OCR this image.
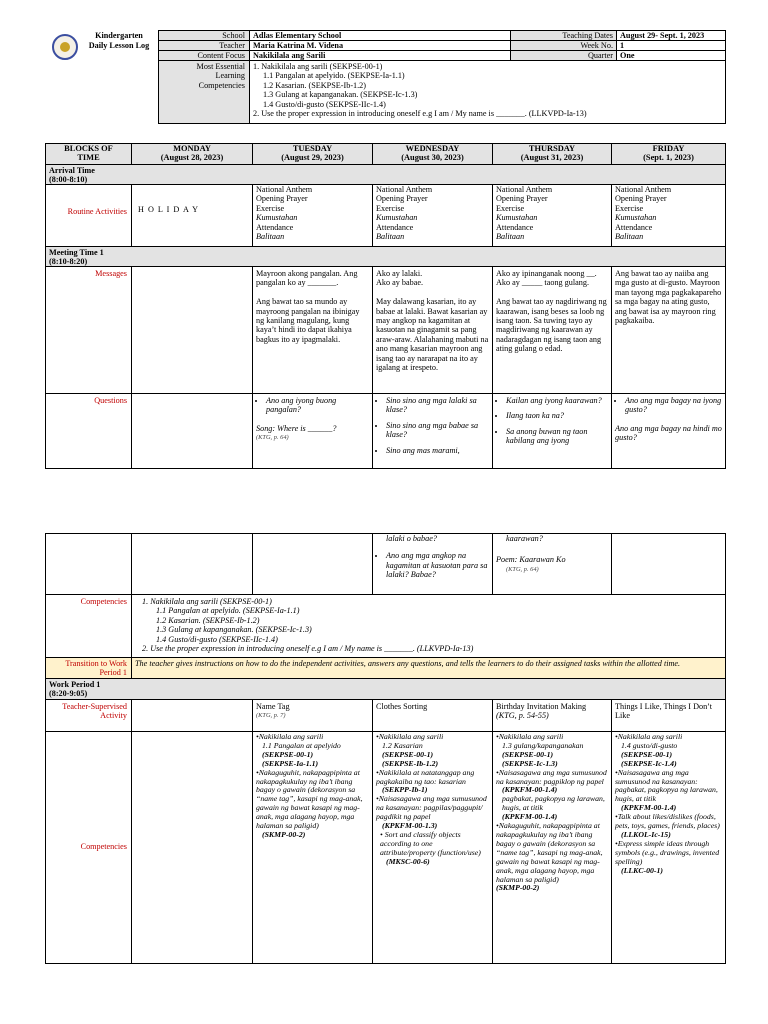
Kindergarten
Daily Lesson Log
School Adlas Elementary School	Teaching Dates August 29- Sept. 1, 2023
Teacher Maria Katrina M. Videna	Week No. 1
Content Focus Nakikilala ang Sarili	Quarter One
Most Essential Learning Competencies
1. Nakikilala ang sarili (SEKPSE-00-1)
1.1 Pangalan at apelyido. (SEKPSE-Ia-1.1)
1.2 Kasarian. (SEKPSE-Ib-1.2)
1.3 Gulang at kapanganakan. (SEKPSE-Ic-1.3)
1.4 Gusto/di-gusto (SEKPSE-IIc-1.4)
2. Use the proper expression in introducing oneself e.g I am / My name is _______. (LLKVPD-Ia-13)
BLOCKS OF
TIME
MONDAY
(August 28, 2023)
TUESDAY
(August 29, 2023)
WEDNESDAY
(August 30, 2023)
THURSDAY
(August 31, 2023)
FRIDAY
(Sept. 1, 2023)
Arrival Time
(8:00-8:10)
Routine Activities	H O L I D A Y
National Anthem
Opening Prayer
Exercise
Kumustahan
Attendance
Balitaan
National Anthem
Opening Prayer
Exercise
Kumustahan
Attendance
Balitaan
National Anthem
Opening Prayer
Exercise
Kumustahan
Attendance
Balitaan
National Anthem
Opening Prayer
Exercise
Kumustahan
Attendance
Balitaan
Meeting Time 1
(8:10-8:20)
Messages	Mayroon akong pangalan. Ang pangalan ko ay _______.

Ang bawat tao sa mundo ay mayroong pangalan na ibinigay ng kanilang magulang, kung kaya’t hindi ito dapat ikahiya bagkus ito ay ipagmalaki.
Ako ay lalaki.
Ako ay babae.

May dalawang kasarian, ito ay babae at lalaki. Bawat kasarian ay may angkop na kagamitan at kasuotan na ginagamit sa pang araw-araw. Alalahaning mabuti na ano mang kasarian mayroon ang isang tao ay nararapat na ito ay igalang at irespeto.
Ako ay ipinanganak noong __.
Ako ay _____ taong gulang.

Ang bawat tao ay nagdiriwang ng kaarawan, isang beses sa loob ng isang taon. Sa tuwing tayo ay magdiriwang ng kaarawan ay nadaragdagan ng isang taon ang ating gulang o edad.
Ang bawat tao ay naiiba ang mga gusto at di-gusto. Mayroon man tayong mga pagkakapareho sa mga bagay na ating gusto, ang bawat isa ay mayroon ring pagkakaiba.
Questions
•	Ano ang iyong buong pangalan?
Song: Where is ______?
(KTG, p. 64)
• Sino sino ang mga lalaki sa klase?
• Sino sino ang mga babae sa klase?
• Sino ang mas marami,
• Kailan ang iyong kaarawan?
• Ilang taon ka na?
• Sa anong buwan ng taon kabilang ang iyong
• Ano ang mga bagay na iyong gusto?
Ano ang mga bagay na hindi mo gusto?
lalaki o babae?
• Ano ang mga angkop na kagamitan at kasuotan para sa lalaki? Babae?
kaarawan?
Poem: Kaarawan Ko
(KTG, p. 64)
Competencies	1. Nakikilala ang sarili (SEKPSE-00-1)
1.1 Pangalan at apelyido. (SEKPSE-Ia-1.1)
1.2 Kasarian. (SEKPSE-Ib-1.2)
1.3 Gulang at kapanganakan. (SEKPSE-Ic-1.3)
1.4 Gusto/di-gusto (SEKPSE-IIc-1.4)
2. Use the proper expression in introducing oneself e.g I am / My name is _______. (LLKVPD-Ia-13)
Transition to Work Period 1
The teacher gives instructions on how to do the independent activities, answers any questions, and tells the learners to do their assigned tasks within the allotted time.
Work Period 1
(8:20-9:05)
Teacher-Supervised Activity
Name Tag
(KTG, p. 7)
Clothes Sorting	Birthday Invitation Making
(KTG, p. 54-55)
Things I Like, Things I Don’t Like
Competencies
•Nakikilala ang sarili
1.1 Pangalan at apelyido
(SEKPSE-00-1)
(SEKPSE-Ia-1.1)
•Nakaguguhit, nakapagpipinta at nakapagkukulay ng iba’t ibang bagay o gawain (dekorasyon sa “name tag”, kasapi ng mag-anak, gawain ng bawat kasapi ng mag-anak, mga alagang hayop, mga halaman sa paligid)
(SKMP-00-2)
•Nakikilala ang sarili
1.2 Kasarian
(SEKPSE-00-1)
(SEKPSE-Ib-1.2)
•Nakikilala at natatanggap ang pagkakaiba ng tao: kasarian
(SEKPP-Ib-1)
•Naisasagawa ang mga sumusunod na kasanayan: pagpilas/paggupit/ pagdikit ng papel
(KPKFM-00-1.3)
• Sort and classify objects according to one attribute/property (function/use)
(MKSC-00-6)
•Nakikilala ang sarili
1.3 gulang/kapanganakan
(SEKPSE-00-1)
(SEKPSE-Ic-1.3)
•Naisasagawa ang mga sumusunod na kasanayan: pagpiklop ng papel
(KPKFM-00-1.4)
pagbakat, pagkopya ng larawan, hugis, at titik
(KPKFM-00-1.4)
•Nakaguguhit, nakapagpipinta at nakapagkukulay ng iba’t ibang bagay o gawain (dekorasyon sa “name tag”, kasapi ng mag-anak, gawain ng bawat kasapi ng mag-anak, mga alagang hayop, mga halaman sa paligid)
(SKMP-00-2)
•Nakikilala ang sarili
1.4 gusto/di-gusto
(SEKPSE-00-1)
(SEKPSE-Ic-1.4)
•Naisasagawa ang mga sumusunod na kasanayan: pagbakat, pagkopya ng larawan, hugis, at titik
(KPKFM-00-1.4)
•Talk about likes/dislikes (foods, pets, toys, games, friends, places)
(LLKOL-Ic-15)
•Express simple ideas through symbols (e.g., drawings, invented spelling)
(LLKC-00-1)
